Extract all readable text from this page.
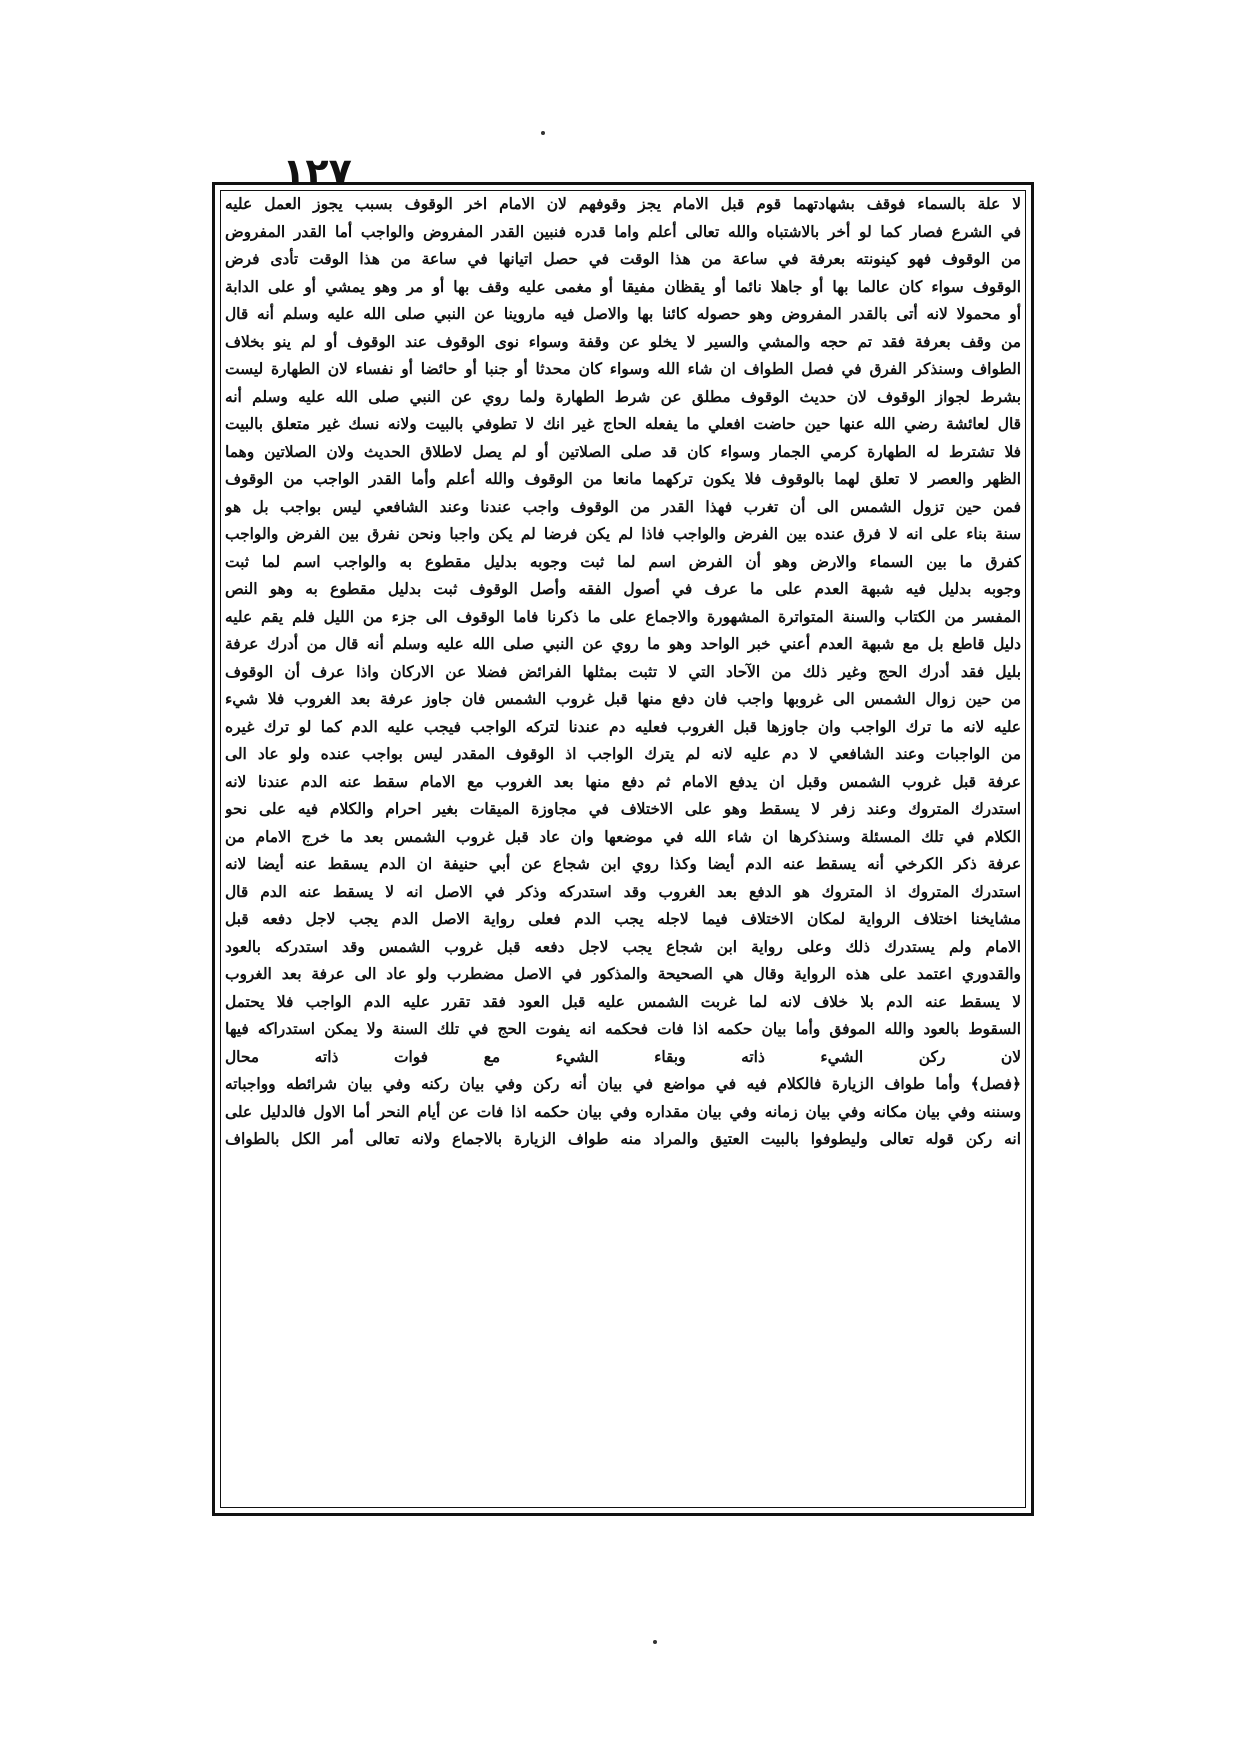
١٢٧
لا علة بالسماء فوقف بشهادتهما قوم قبل الامام يجز وقوفهم لان الامام اخر الوقوف بسبب يجوز العمل عليه
في الشرع فصار كما لو أخر بالاشتباه والله تعالى أعلم واما قدره فنبين القدر المفروض والواجب أما القدر المفروض
من الوقوف فهو كينونته بعرفة في ساعة من هذا الوقت في حصل اتيانها في ساعة من هذا الوقت تأدى فرض
الوقوف سواء كان عالما بها أو جاهلا نائما أو يقظان مفيقا أو مغمى عليه وقف بها أو مر وهو يمشي أو على الدابة
أو محمولا لانه أتى بالقدر المفروض وهو حصوله كائنا بها والاصل فيه ماروينا عن النبي صلى الله عليه وسلم أنه قال
من وقف بعرفة فقد تم حجه والمشي والسير لا يخلو عن وقفة وسواء نوى الوقوف عند الوقوف أو لم ينو بخلاف
الطواف وسنذكر الفرق في فصل الطواف ان شاء الله وسواء كان محدثا أو جنبا أو حائضا أو نفساء لان الطهارة ليست
بشرط لجواز الوقوف لان حديث الوقوف مطلق عن شرط الطهارة ولما روي عن النبي صلى الله عليه وسلم أنه
قال لعائشة رضي الله عنها حين حاضت افعلي ما يفعله الحاج غير انك لا تطوفي بالبيت ولانه نسك غير متعلق بالبيت
فلا تشترط له الطهارة كرمي الجمار وسواء كان قد صلى الصلاتين أو لم يصل لاطلاق الحديث ولان الصلاتين وهما
الظهر والعصر لا تعلق لهما بالوقوف فلا يكون تركهما مانعا من الوقوف والله أعلم وأما القدر الواجب من الوقوف
فمن حين تزول الشمس الى أن تغرب فهذا القدر من الوقوف واجب عندنا وعند الشافعي ليس بواجب بل هو
سنة بناء على انه لا فرق عنده بين الفرض والواجب فاذا لم يكن فرضا لم يكن واجبا ونحن نفرق بين الفرض والواجب
كفرق ما بين السماء والارض وهو أن الفرض اسم لما ثبت وجوبه بدليل مقطوع به والواجب اسم لما ثبت
وجوبه بدليل فيه شبهة العدم على ما عرف في أصول الفقه وأصل الوقوف ثبت بدليل مقطوع به وهو النص
المفسر من الكتاب والسنة المتواترة المشهورة والاجماع على ما ذكرنا فاما الوقوف الى جزء من الليل فلم يقم عليه
دليل قاطع بل مع شبهة العدم أعني خبر الواحد وهو ما روي عن النبي صلى الله عليه وسلم أنه قال من أدرك عرفة
بليل فقد أدرك الحج وغير ذلك من الآحاد التي لا تثبت بمثلها الفرائض فضلا عن الاركان واذا عرف أن الوقوف
من حين زوال الشمس الى غروبها واجب فان دفع منها قبل غروب الشمس فان جاوز عرفة بعد الغروب فلا شيء
عليه لانه ما ترك الواجب وان جاوزها قبل الغروب فعليه دم عندنا لتركه الواجب فيجب عليه الدم كما لو ترك غيره
من الواجبات وعند الشافعي لا دم عليه لانه لم يترك الواجب اذ الوقوف المقدر ليس بواجب عنده ولو عاد الى
عرفة قبل غروب الشمس وقبل ان يدفع الامام ثم دفع منها بعد الغروب مع الامام سقط عنه الدم عندنا لانه
استدرك المتروك وعند زفر لا يسقط وهو على الاختلاف في مجاوزة الميقات بغير احرام والكلام فيه على نحو
الكلام في تلك المسئلة وسنذكرها ان شاء الله في موضعها وان عاد قبل غروب الشمس بعد ما خرج الامام من
عرفة ذكر الكرخي أنه يسقط عنه الدم أيضا وكذا روي ابن شجاع عن أبي حنيفة ان الدم يسقط عنه أيضا لانه
استدرك المتروك اذ المتروك هو الدفع بعد الغروب وقد استدركه وذكر في الاصل انه لا يسقط عنه الدم قال
مشايخنا اختلاف الرواية لمكان الاختلاف فيما لاجله يجب الدم فعلى رواية الاصل الدم يجب لاجل دفعه قبل
الامام ولم يستدرك ذلك وعلى رواية ابن شجاع يجب لاجل دفعه قبل غروب الشمس وقد استدركه بالعود
والقدوري اعتمد على هذه الرواية وقال هي الصحيحة والمذكور في الاصل مضطرب ولو عاد الى عرفة بعد الغروب
لا يسقط عنه الدم بلا خلاف لانه لما غربت الشمس عليه قبل العود فقد تقرر عليه الدم الواجب فلا يحتمل
السقوط بالعود والله الموفق وأما بيان حكمه اذا فات فحكمه انه يفوت الحج في تلك السنة ولا يمكن استدراكه فيها
لان ركن الشيء ذاته وبقاء الشيء مع فوات ذاته محال
﴿فصل﴾ وأما طواف الزيارة فالكلام فيه في مواضع في بيان أنه ركن وفي بيان ركنه وفي بيان شرائطه وواجباته
وسننه وفي بيان مكانه وفي بيان زمانه وفي بيان مقداره وفي بيان حكمه اذا فات عن أيام النحر أما الاول فالدليل على
انه ركن قوله تعالى وليطوفوا بالبيت العتيق والمراد منه طواف الزيارة بالاجماع ولانه تعالى أمر الكل بالطواف
